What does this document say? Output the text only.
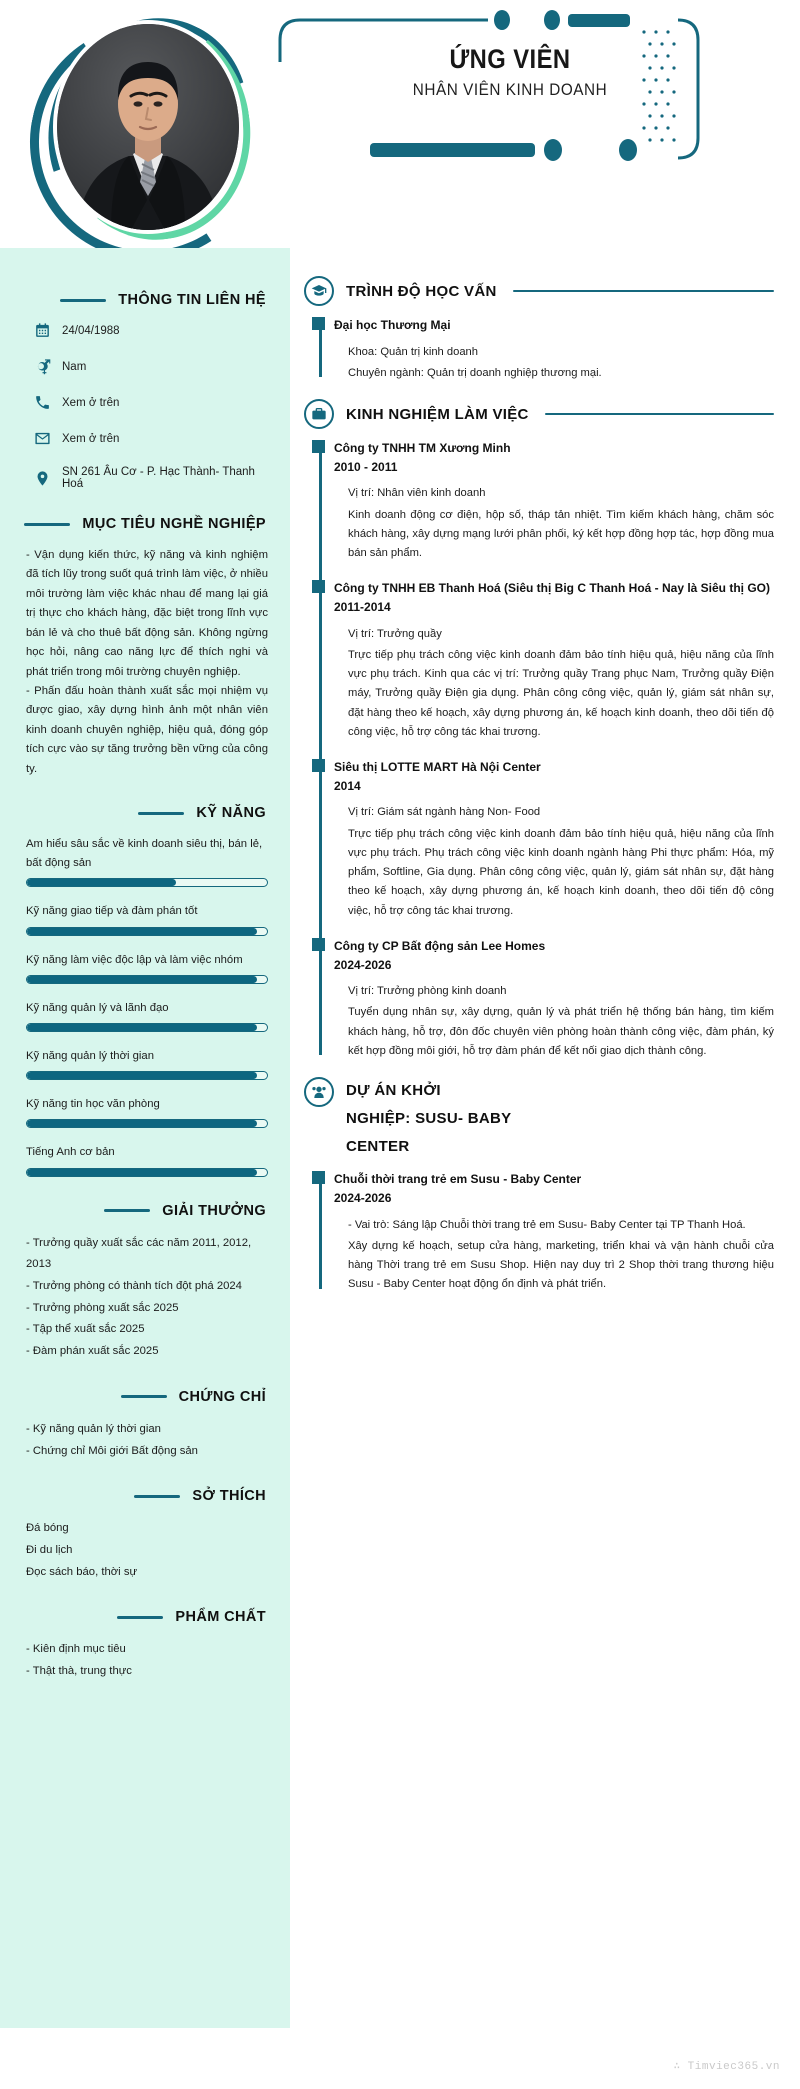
ỨNG VIÊN
NHÂN VIÊN KINH DOANH
THÔNG TIN LIÊN HỆ
24/04/1988
Nam
Xem ở trên
Xem ở trên
SN 261 Âu Cơ - P. Hạc Thành- Thanh Hoá
MỤC TIÊU NGHỀ NGHIỆP

- Vận dụng kiến thức, kỹ năng và kinh nghiệm đã tích lũy trong suốt quá trình làm việc, ở nhiều môi trường làm việc khác nhau để mang lại giá trị thực cho khách hàng, đặc biệt trong lĩnh vực bán lẻ và cho thuê bất động sản. Không ngừng học hỏi, nâng cao năng lực để thích nghi và phát triển trong môi trường chuyên nghiệp.

- Phấn đấu hoàn thành xuất sắc mọi nhiệm vụ được giao, xây dựng hình ảnh một nhân viên kinh doanh chuyên nghiệp, hiệu quả, đóng góp tích cực vào sự tăng trưởng bền vững của công ty.

KỸ NĂNG
Am hiểu sâu sắc về kinh doanh siêu thị, bán lẻ, bất động sản
Kỹ năng giao tiếp và đàm phán tốt
Kỹ năng làm việc độc lập và làm việc nhóm
Kỹ năng quản lý và lãnh đạo
Kỹ năng quản lý thời gian
Kỹ năng tin học văn phòng
Tiếng Anh cơ bản
GIẢI THƯỞNG
- Trưởng quầy xuất sắc các năm 2011, 2012, 2013
- Trưởng phòng có thành tích đột phá 2024
- Trưởng phòng xuất sắc 2025
- Tập thể xuất sắc 2025
- Đàm phán xuất sắc 2025
CHỨNG CHỈ
- Kỹ năng quản lý thời gian
- Chứng chỉ Môi giới Bất động sản
SỞ THÍCH
Đá bóng
Đi du lịch
Đọc sách báo, thời sự
PHẨM CHẤT
- Kiên định mục tiêu
- Thật thà, trung thực
TRÌNH ĐỘ HỌC VẤN
Đại học Thương Mại
Khoa: Quản trị kinh doanh
Chuyên ngành: Quản trị doanh nghiệp thương mại.
KINH NGHIỆM LÀM VIỆC
Công ty TNHH TM Xương Minh
2010 - 2011
Vị trí: Nhân viên kinh doanh
Kinh doanh động cơ điện, hộp số, tháp tản nhiệt. Tìm kiếm khách hàng, chăm sóc khách hàng, xây dựng mạng lưới phân phối, ký kết hợp đồng hợp tác, hợp đồng mua bán sản phẩm.
Công ty TNHH EB Thanh Hoá (Siêu thị Big C Thanh Hoá - Nay là Siêu thị GO)
2011-2014
Vị trí: Trưởng quầy
Trực tiếp phụ trách công việc kinh doanh đảm bảo tính hiệu quả, hiệu năng của lĩnh vực phụ trách. Kinh qua các vị trí: Trưởng quầy Trang phục Nam, Trưởng quầy Điện máy, Trưởng quầy Điện gia dụng. Phân công công việc, quản lý, giám sát nhân sự, đặt hàng theo kế hoạch, xây dựng phương án, kế hoạch kinh doanh, theo dõi tiến độ công việc, hỗ trợ công tác khai trương.
Siêu thị LOTTE MART Hà Nội Center
2014
Vị trí: Giám sát ngành hàng Non- Food
Trực tiếp phụ trách công việc kinh doanh đảm bảo tính hiệu quả, hiệu năng của lĩnh vực phụ trách. Phụ trách công việc kinh doanh ngành hàng Phi thực phẩm: Hóa, mỹ phẩm, Softline, Gia dụng. Phân công công việc, quản lý, giám sát nhân sự, đặt hàng theo kế hoạch, xây dựng phương án, kế hoạch kinh doanh, theo dõi tiến độ công việc, hỗ trợ công tác khai trương.
Công ty CP Bất động sản Lee Homes
2024-2026
Vị trí: Trưởng phòng kinh doanh
Tuyển dụng nhân sự, xây dựng, quản lý và phát triển hệ thống bán hàng, tìm kiếm khách hàng, hỗ trợ, đôn đốc chuyên viên phòng hoàn thành công việc, đàm phán, ký kết hợp đồng môi giới, hỗ trợ đàm phán để kết nối giao dịch thành công.
DỰ ÁN KHỞI
NGHIỆP: SUSU- BABY
CENTER
Chuỗi thời trang trẻ em Susu - Baby Center
2024-2026
- Vai trò: Sáng lập Chuỗi thời trang trẻ em Susu- Baby Center tại TP Thanh Hoá.
Xây dựng kế hoạch, setup cửa hàng, marketing, triển khai và vận hành chuỗi cửa hàng Thời trang trẻ em Susu Shop. Hiện nay duy trì 2 Shop thời trang thương hiệu Susu - Baby Center hoạt động ổn định và phát triển.
∴ Timviec365.vn
